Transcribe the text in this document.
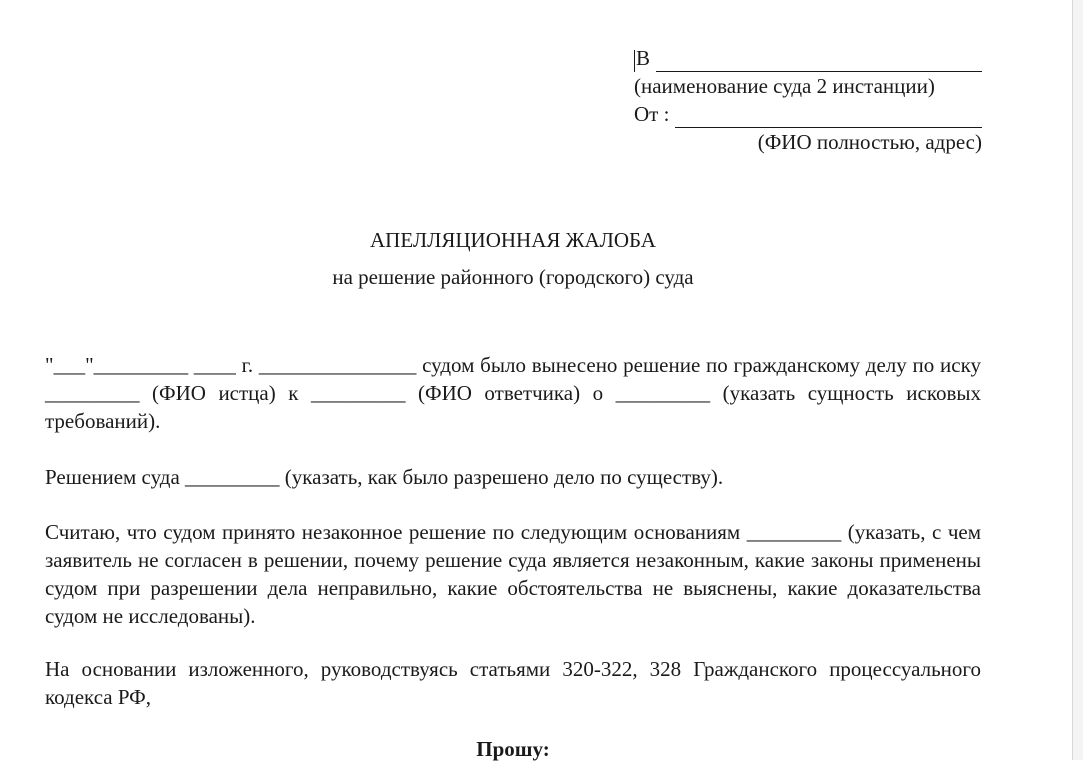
В
(наименование суда 2 инстанции)
От :
(ФИО полностью, адрес)
АПЕЛЛЯЦИОННАЯ ЖАЛОБА
на решение районного (городского) суда
"___"_________ ____ г. _______________ судом было вынесено решение по гражданскому делу по иску _________ (ФИО истца) к _________ (ФИО ответчика) о _________ (указать сущность исковых требований).
Решением суда _________ (указать, как было разрешено дело по существу).
Считаю, что судом принято незаконное решение по следующим основаниям _________ (указать, с чем заявитель не согласен в решении, почему решение суда является незаконным, какие законы применены судом при разрешении дела неправильно, какие обстоятельства не выяснены, какие доказательства судом не исследованы).
На основании изложенного, руководствуясь статьями 320-322, 328 Гражданского процессуального кодекса РФ,
Прошу:
